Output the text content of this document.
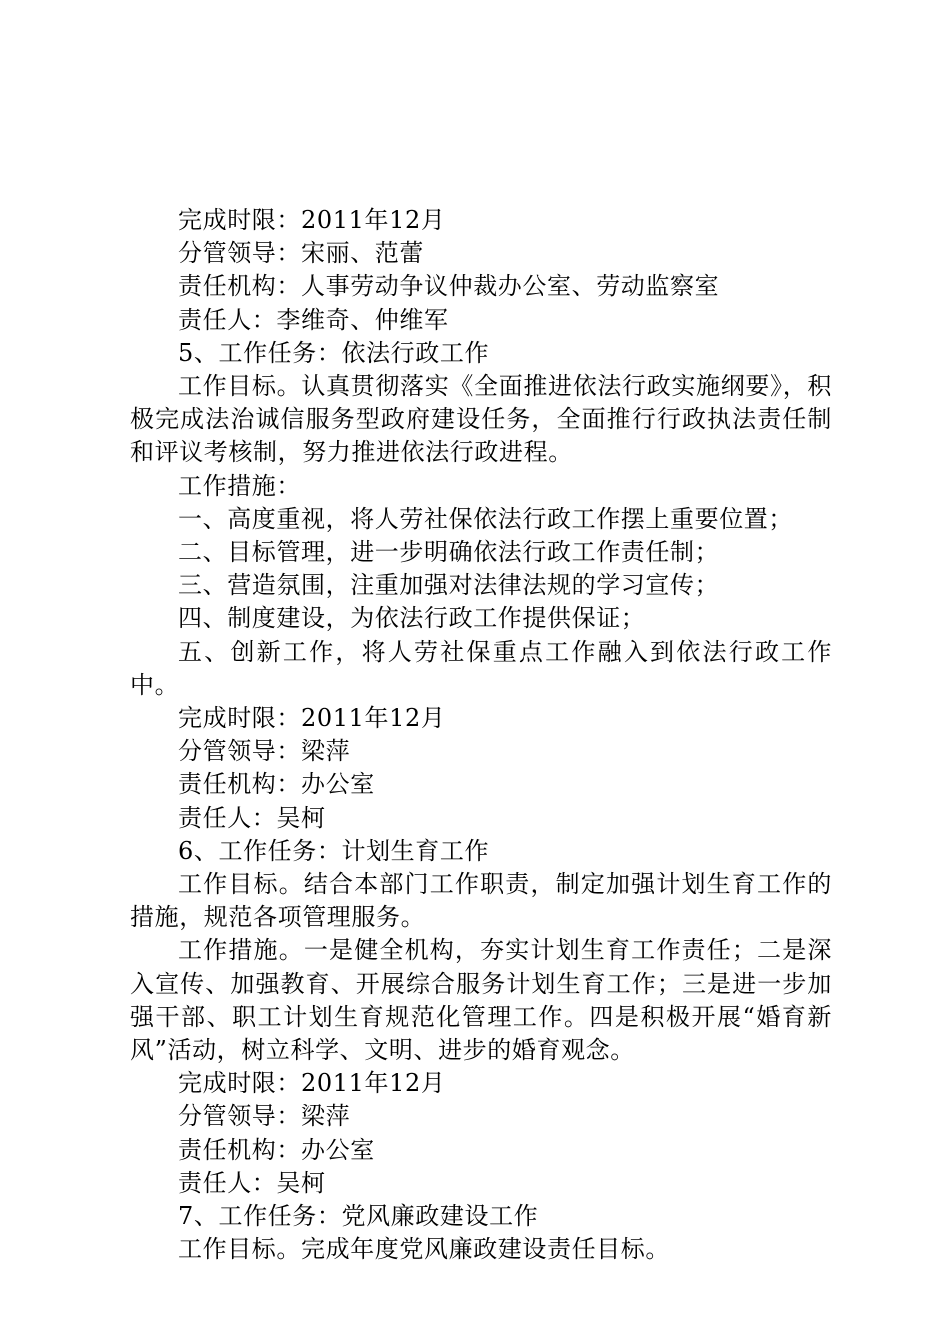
完成时限：2011年12月

分管领导：宋丽、范蕾

责任机构：人事劳动争议仲裁办公室、劳动监察室

责任人：李维奇、仲维军

5、工作任务：依法行政工作

工作目标。认真贯彻落实《全面推进依法行政实施纲要》，积极完成法治诚信服务型政府建设任务，全面推行行政执法责任制和评议考核制，努力推进依法行政进程。

工作措施：

一、高度重视，将人劳社保依法行政工作摆上重要位置；

二、目标管理，进一步明确依法行政工作责任制；

三、营造氛围，注重加强对法律法规的学习宣传；

四、制度建设，为依法行政工作提供保证；

五、创新工作，将人劳社保重点工作融入到依法行政工作中。

完成时限：2011年12月

分管领导：梁萍

责任机构：办公室

责任人：吴柯

6、工作任务：计划生育工作

工作目标。结合本部门工作职责，制定加强计划生育工作的措施，规范各项管理服务。

工作措施。一是健全机构，夯实计划生育工作责任；二是深入宣传、加强教育、开展综合服务计划生育工作；三是进一步加强干部、职工计划生育规范化管理工作。四是积极开展“婚育新风”活动，树立科学、文明、进步的婚育观念。

完成时限：2011年12月

分管领导：梁萍

责任机构：办公室

责任人：吴柯

7、工作任务：党风廉政建设工作

工作目标。完成年度党风廉政建设责任目标。
